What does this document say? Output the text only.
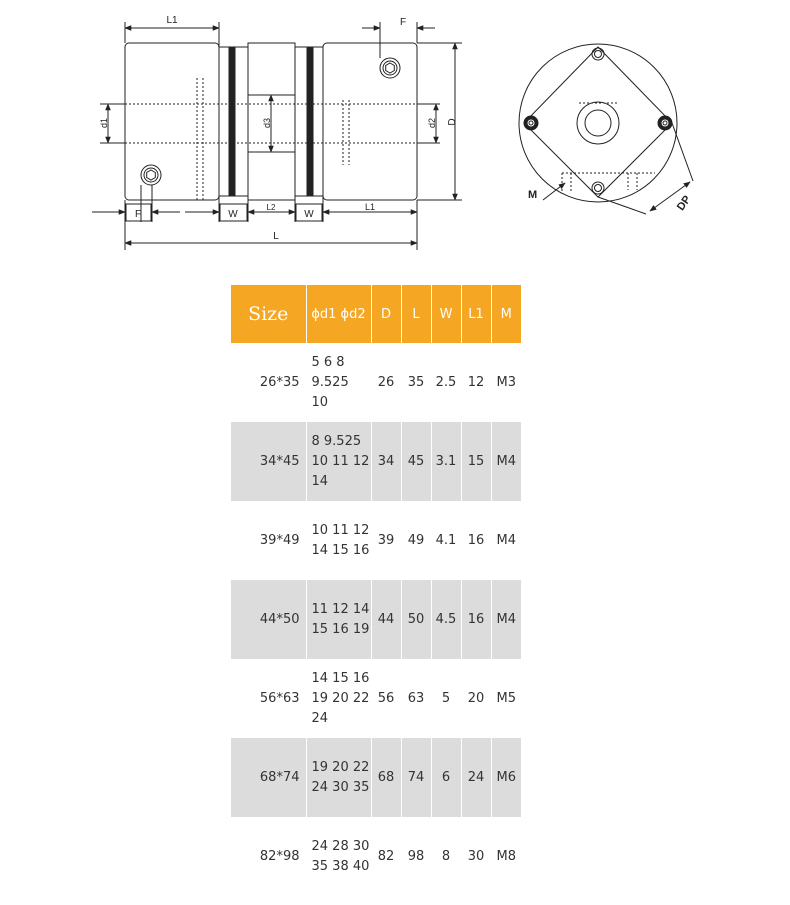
L1	F
D
d1	d2
d3
F	W
L2
W
L1
L
M	DP
Size	ϕd1 ϕd2	D	L	W	L1	M
26*35	5 6 8
9.525
10	26	35	2.5	12	M3
34*45	8 9.525
10 11 12
14	34	45	3.1	15	M4
39*49	10 11 12
14 15 16	39	49	4.1	16	M4
44*50	11 12 14
15 16 19	44	50	4.5	16	M4
56*63	14 15 16
19 20 22
24	56	63	5	20	M5
68*74	19 20 22
24 30 35	68	74	6	24	M6
82*98	24 28 30
35 38 40	82	98	8	30	M8
